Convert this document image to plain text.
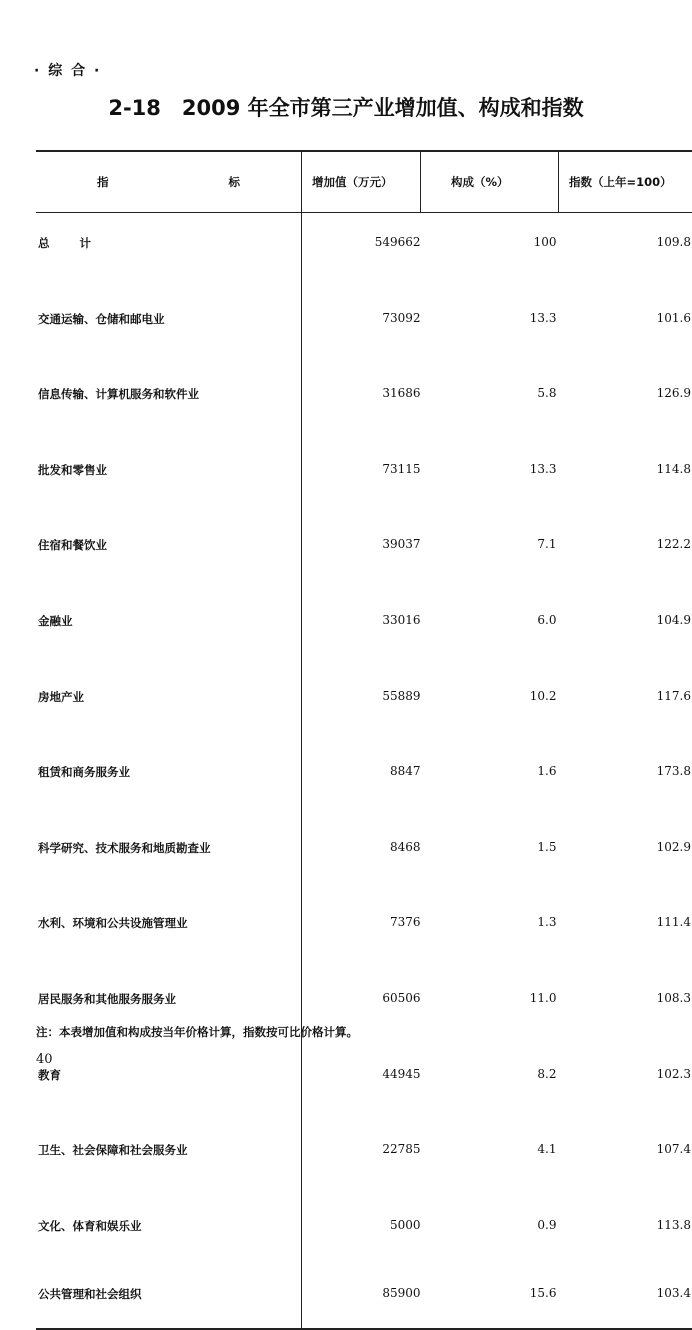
· 综 合 ·
2-18　2009 年全市第三产业增加值、构成和指数
指 标	增加值（万元）	构成（%）	指数（上年=100）
总 计	549662	100	109.8
交通运输、仓储和邮电业	73092	13.3	101.6
信息传输、计算机服务和软件业	31686	5.8	126.9
批发和零售业	73115	13.3	114.8
住宿和餐饮业	39037	7.1	122.2
金融业	33016	6.0	104.9
房地产业	55889	10.2	117.6
租赁和商务服务业	8847	1.6	173.8
科学研究、技术服务和地质勘查业	8468	1.5	102.9
水利、环境和公共设施管理业	7376	1.3	111.4
居民服务和其他服务服务业	60506	11.0	108.3
教育	44945	8.2	102.3
卫生、社会保障和社会服务业	22785	4.1	107.4
文化、体育和娱乐业	5000	0.9	113.8
公共管理和社会组织	85900	15.6	103.4
注：本表增加值和构成按当年价格计算，指数按可比价格计算。
40
